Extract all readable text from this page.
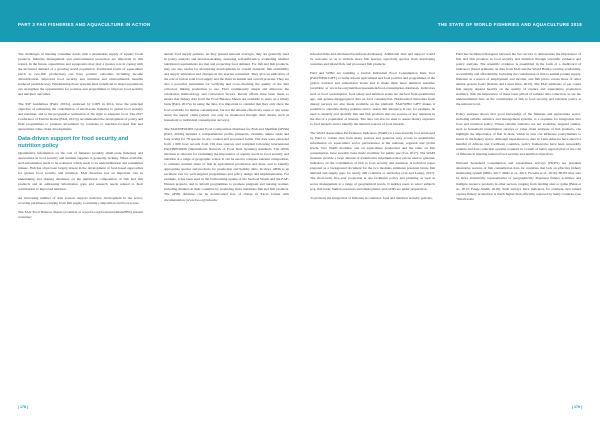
PART 3 FAO FISHERIES AND AQUACULTURE IN ACTION	THE STATE OF WORLD FISHERIES AND AQUACULTURE 2018

The challenges of meeting consumer needs with a sustainable supply of aquatic foods products, fisheries management and environmental protection are important in this regard. In the future, aquaculture and aquaponics may play a greater role in coping with the increased demand of a growing world population. Traditional forms of aquaculture (such as rice-fish production) can have positive outcomes including income diversification, improved food security and nutrition and environmental benefits (reduced pesticide use). Emphasizing those systems most beneficial to target populations can strengthen the opportunities for policies and programmes to improve food security and nutrition outcomes.

The SSF Guidelines (FAO, 2015a), endorsed by COFI in 2014, have the principal objective of enhancing the contribution of small-scale fisheries to global food security and nutrition, and to the progressive realization of the right to adequate food. The 2017 Conference of FAO in Rome (FAO, 2017p) recommended the development of policy and field programmes to promote investment by countries to nutrition-focused fish and aquaculture value chain developments.

Data-driven support for food security and nutrition policy

Quantitative information on the role of fisheries (notably small-scale fisheries) and aquaculture in food security and nutrient supplies is generally lacking. When available, such information tends to be scattered, which leads to its underutilization and sometimes misuse. Fish has often been largely absent in the development of food-based approaches for greater food security and nutrition. FAO therefore has an important role in undertaking and sharing databases on the nutritional composition of fish and fish products and in addressing information gaps and research needs related to their contribution to improved nutrition.

An increasing number of data sources support indicator development in the sector, covering parameters ranging from fish supply to nutrient composition and food access.

The FAO Food Balance Sheets (available at www.fao.org/faostat/en/#data/FBS) present countries'

annual food supply patterns. As they present national averages, they are generally used in policy analysis and decision-making, assessing self-sufficiency, evaluating whether nutritional requirements are met and projecting food demand. For fish and fish products, they are also useful for monitoring developments in overall domestic fish availability and supply utilization and changes in the species consumed. They give an indication of the role of fish in total food supply and the share in animal and overall proteins. They are also a powerful instrument for verifying and cross-checking the quality of the data collected, linking production to use. FAO continuously adapts and improves the calculation methodology and conversion factors. Recent efforts have been made to ensure that fishery data from the Food Balance Sheets are available to users on a timely basis (FAO, 2017a). In using the data, it is important to consider that they only show the food available for human consumption, but not the amount effectively eaten or any waste along the supply chain (which can only be monitored through other means such as household or individual consumption surveys).

The FAO/INFOODS Global Food Composition Database for Fish and Shellfish (uFiSh) (FAO, 2016b) includes a comprehensive profile (minerals, vitamins, amino acids and fatty acids) for 78 species in raw, cooked and processed forms. The data were extracted from 1 600 food records from 159 data sources and compiled following international FAO/INFOODS (International Network of Food Data Systems) standards. The uFiSh database is relevant for examining the importance of aquatic foods in food security and nutrition at a range of geographic scales. It can be used to compare nutrient composition, to estimate nutrient share of fish in agricultural production and diets, and to identify appropriate species and products for production and healthy diets. In short, uFiSh is an excellent tool for well-targeted programmes and policy design and implementation. For example, it has been used in the forthcoming update of the Seafood Watch and the EAF-Nansen projects, and to inform programmes to promote pregnant and nursing women, including mothers in their countries by producing more nutritious fish and fish products. The uFiSh database can be downloaded free of charge in Excel format with documentation (www.fao.org/infoods/

infoods/tables-and-databases/faoinfoods-databases). Additional data and support would be welcome so as to include more fish species, especially species from developing countries and inland fish, and processed fish products.

FAO and WHO are building a Global Individual Food Consumption Data Tool (FAO/WHO GIFT) to better inform agricultural and food policies and programmes at the global, national and subnational levels and to make them more nutrition sensitive (available at www.fao.org/nutrition/assessment/food-consumption-database). Indicators such as food consumption, food safety and nutrition status are derived from quantitative age- and gender-disaggregated data on food consumption. Harmonized microdata from dietary surveys are also made available on the platform. FAO/WHO GIFT makes it possible to visualize dietary patterns and to assess diet adequacy. It can, for example, be used to identify and quantify fish and fish products that are sources of key nutrients in the diet of a population of interest. The data can also be used to assess dietary exposure to food hazards and to identify the nutrient sources of food hazards.

The World Aquaculture Performance Indicators (WAPI) is a user-friendly tool developed by FAO to collate data from many sources and generate easy access to quantitative information on aquaculture sector performance at the national, regional and global levels. Two WAPI modules, one on aquaculture production and the other on fish consumption, have recently been made available for public use (Cai, 2017). The WAPI modules provide a large amount of quantitative information that can be used to generate indicators on the contribution of fish to food security and nutrition. A technical paper prepared as a background document for the two modules estimates potential future fish demand and supply gaps for nearly 200 countries or territories (Cai and Leung, 2017). The short-term, five-year projection is one facilitates policy and planning as well as sector management at a range of geographical levels. It enables users to select subjects (e.g. fish trade, human resources and employment, and GDP) are under preparation.

To promote the integration of fisheries in countries' food and nutrition security policies,

FAO has facilitated dialogues between the two sectors to demonstrate the importance of fish and fish products in food security and nutrition through scientific evidence and policy analysis. The scientific evidence is assembled in the form of a dashboard of indicators (based primarily on data from FAO and the World Bank) covering availability, accessibility and affordability, including the contribution of fish to animal protein supply, fisheries as a source of employment and income, and fish prices versus those of other animal protein foods (Kurien and López Ríos, 2013). The FAO estimates of per capita fish supply depend heavily on the quality of capture and aquaculture production statistics, thus the importance of these basic pillars of reliable data collection, as are the underestimated data on the contribution of fish to food security and nutrition policy at the national level.

Policy analyses shows that good knowledge of the fisheries and aquaculture sector, including reliable statistics and management systems, is a requisite for integration into food and nutrition policy. Where reliable statistics are not available, targeted studies, such as household consumption surveys or value chain analyses of fish products, can highlight the importance of fish in diets, which in turn can influence policymakers to invest in the fishery sector. Although experiences to date in Latin America have shown a handful of African and Caribbean countries, policy frameworks have been reasonably reliable and data collection systems required as a result of better appreciation of the role of fisheries in meeting national food security and nutrition objectives.

National household consumption and expenditure surveys (HCES) are potential alternative sources of fish consumption data for countries that lack an effective fishery monitoring system (Mills, 2017; Mills et al., 2011; Fiorella et al., 2016). HCES may also be more statistically representative of geographically dispersed fishery activities and multiple resource products in other sectors, ranging from landing sites or game (Béné et al., 2013; Funge-Smith, 2018). Such surveys have indicated, for example, that inland capture fishery production is much higher than officially reported by many countries (see "Small-scale

| 178 |	| 179 |
